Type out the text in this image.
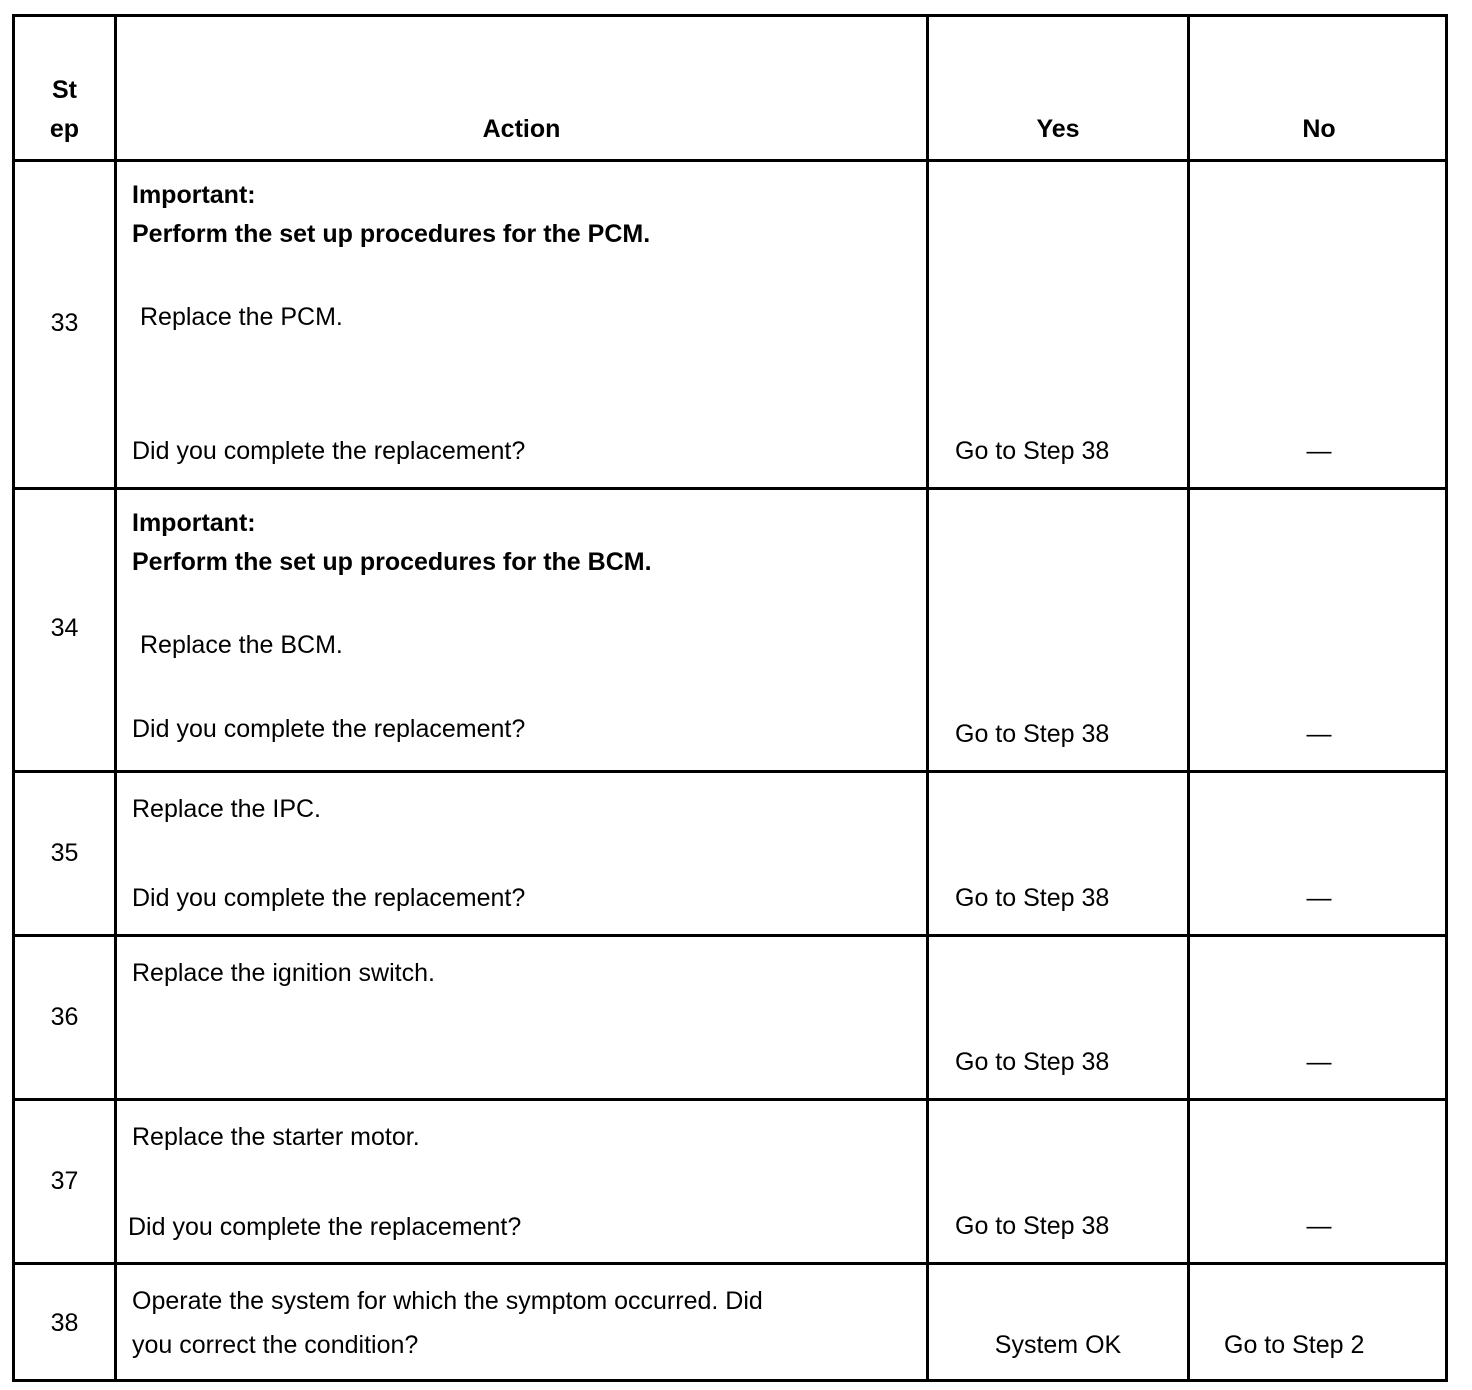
St
ep	Action	Yes	No
33
Important:
Perform the set up procedures for the PCM.
Replace the PCM.
Did you complete the replacement?	Go to Step 38	—
34
Important:
Perform the set up procedures for the BCM.
Replace the BCM.
Did you complete the replacement?	Go to Step 38	—
35
Replace the IPC.
Did you complete the replacement?	Go to Step 38	—
36
Replace the ignition switch.
Go to Step 38	—
37
Replace the starter motor.
Did you complete the replacement?	Go to Step 38	—
38
Operate the system for which the symptom occurred. Did
you correct the condition?	System OK	Go to Step 2
